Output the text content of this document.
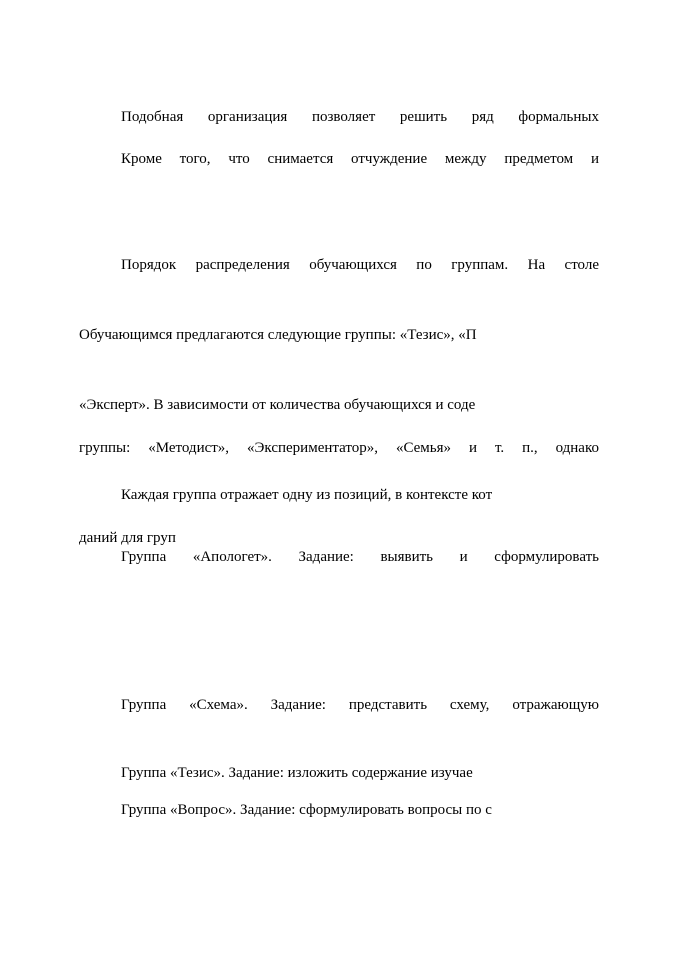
Подобная организация позволяет решить ряд формальных

Кроме того, что снимается отчуждение между предметом и

Порядок распределения обучающихся по группам. На столе

Обучающимся предлагаются следующие группы: «Тезис», «П

«Эксперт». В зависимости от количества обучающихся и соде

группы: «Методист», «Экспериментатор», «Семья» и т. п., однако

Каждая группа отражает одну из позиций, в контексте кот

даний для груп

Группа «Апологет». Задание: выявить и сформулировать

Группа «Схема». Задание: представить схему, отражающую

Группа «Тезис». Задание: изложить содержание изучае

Группа «Вопрос». Задание: сформулировать вопросы по с
